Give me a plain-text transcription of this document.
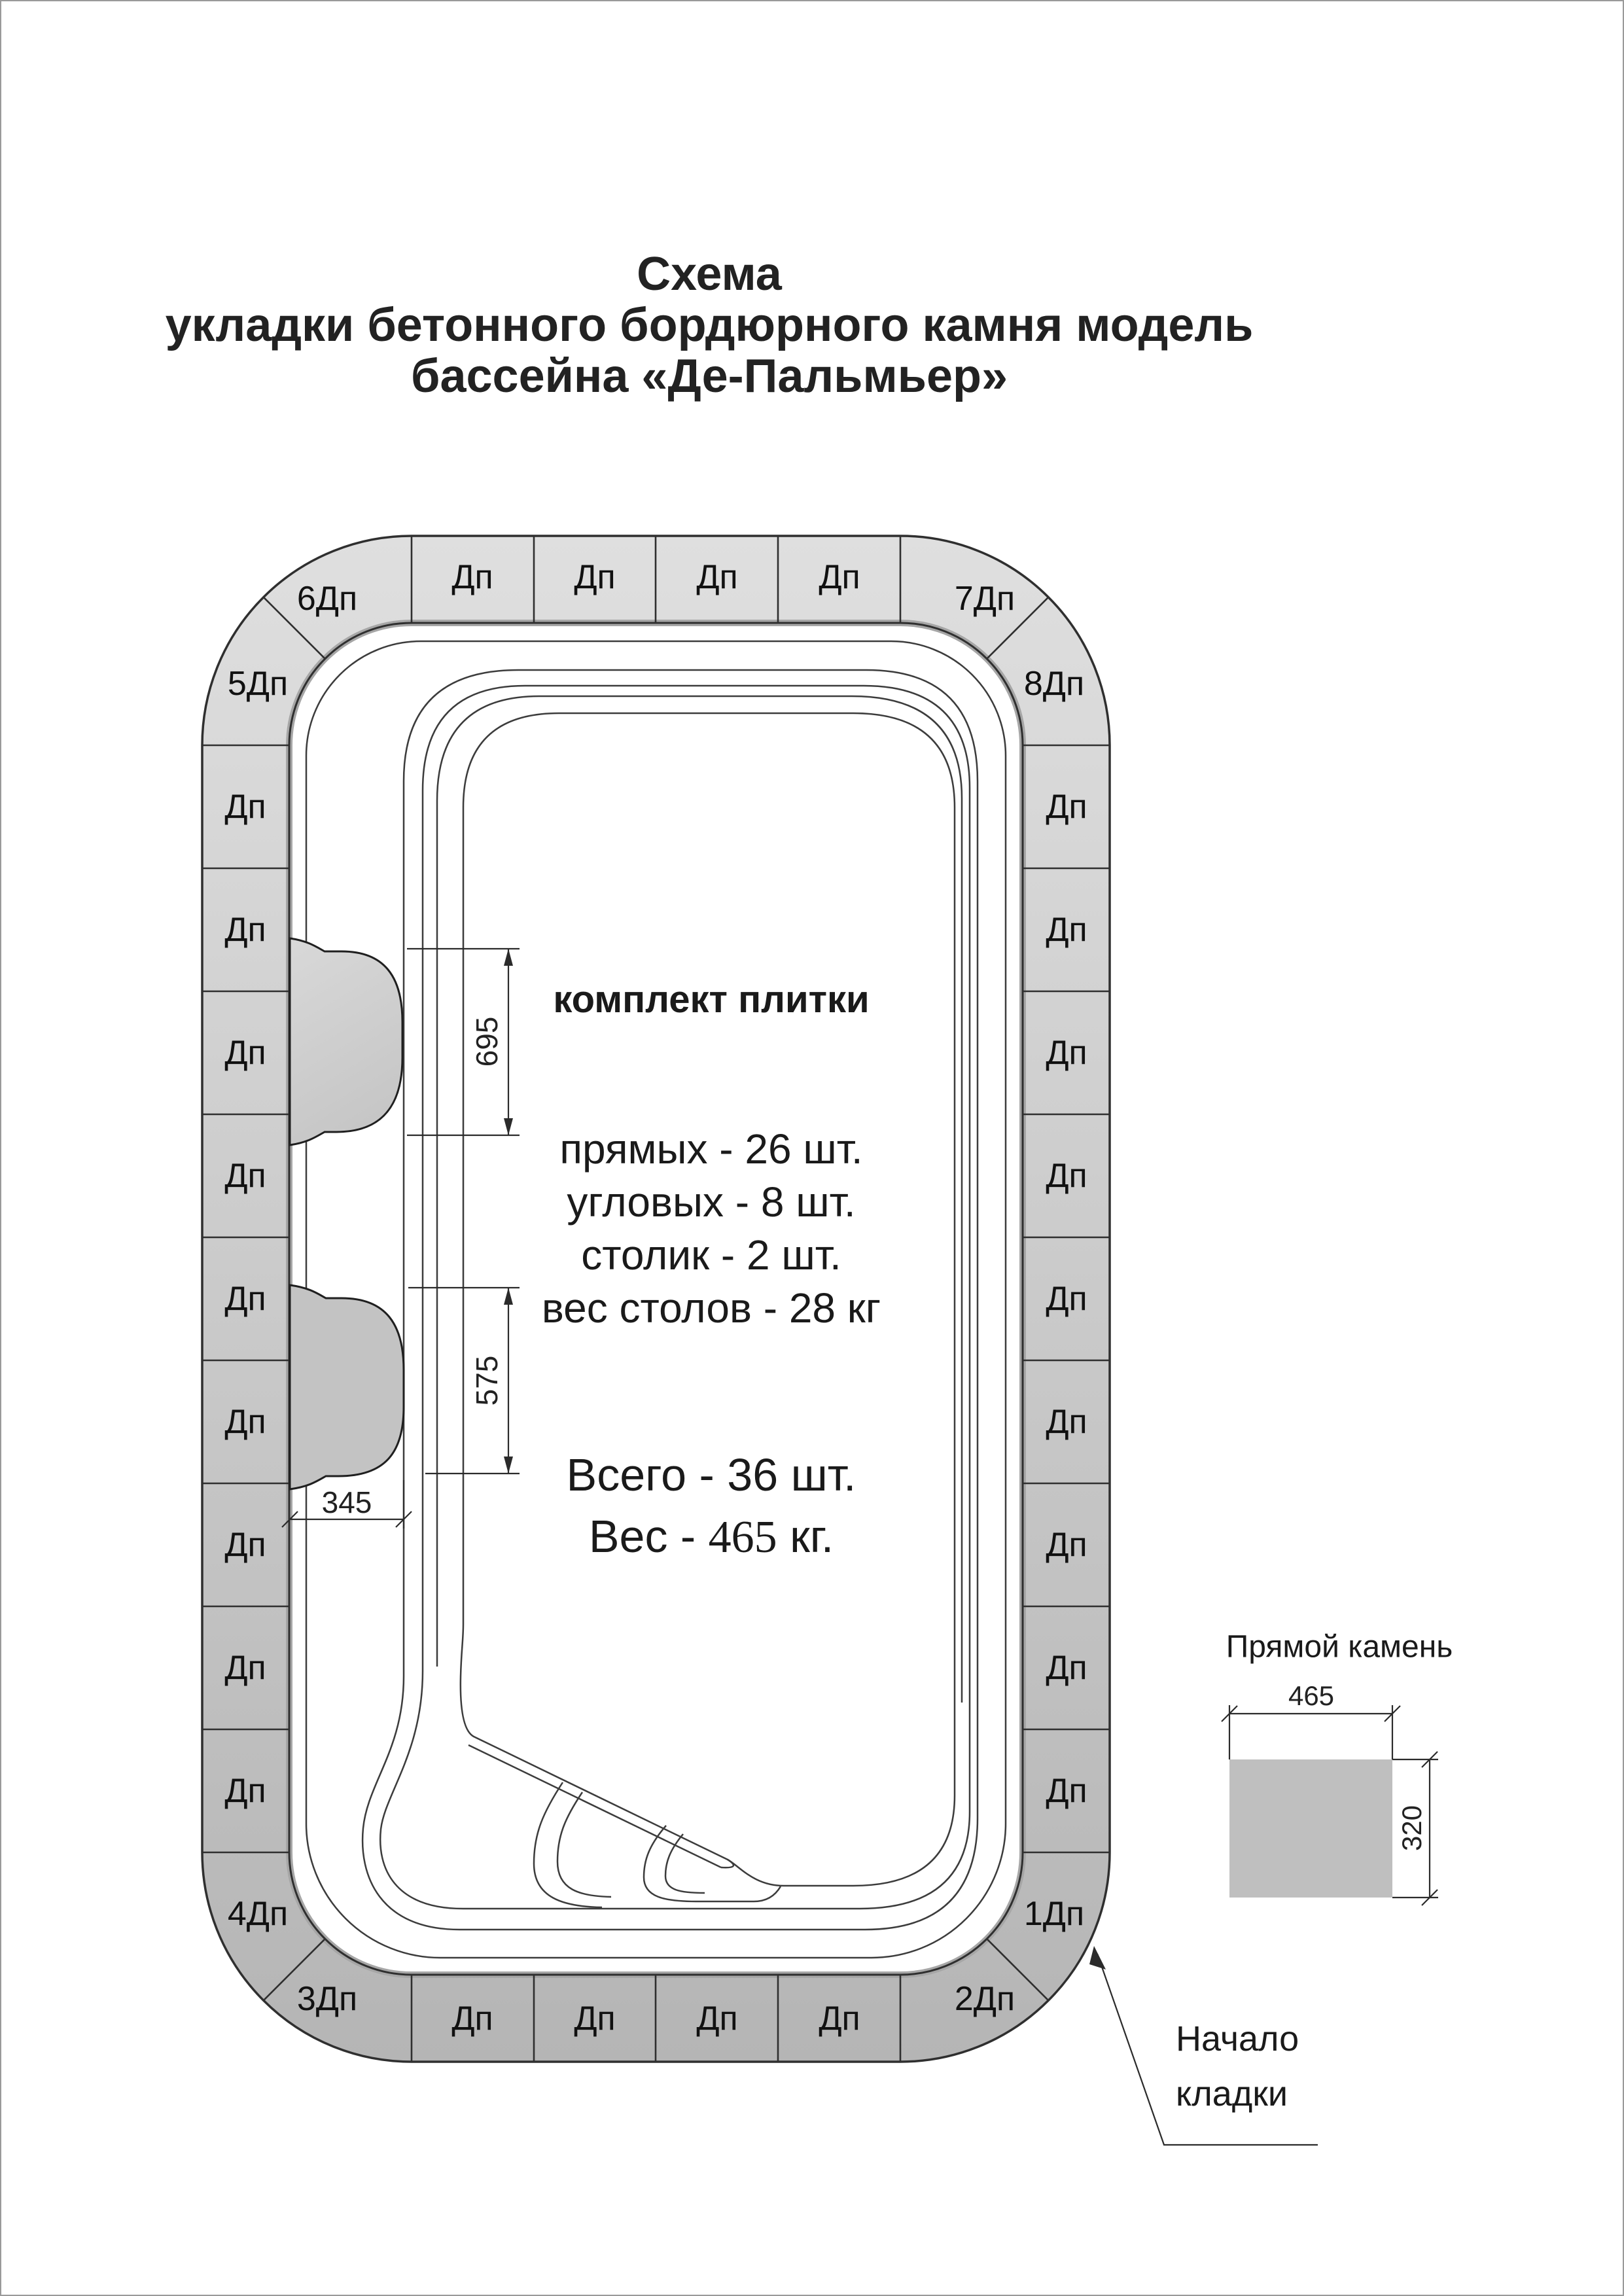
Схема
укладки бетонного бордюрного камня модель
бассейна «Де-Пальмьер»
Дп Дп Дп Дп
Дп Дп Дп Дп
Дп
Дп
Дп
Дп
Дп
Дп
Дп
Дп
Дп
Дп
Дп
Дп
Дп
Дп
Дп
Дп
Дп
Дп
5Дп
6Дп	7Дп
8Дп
4Дп
3Дп	2Дп
1Дп
комплект плитки
прямых - 26 шт.
угловых - 8 шт.
столик - 2 шт.
вес столов - 28 кг
Всего - 36 шт.
Вес - 465 кг.
695
575
345
Прямой камень
465
320
Начало
кладки
